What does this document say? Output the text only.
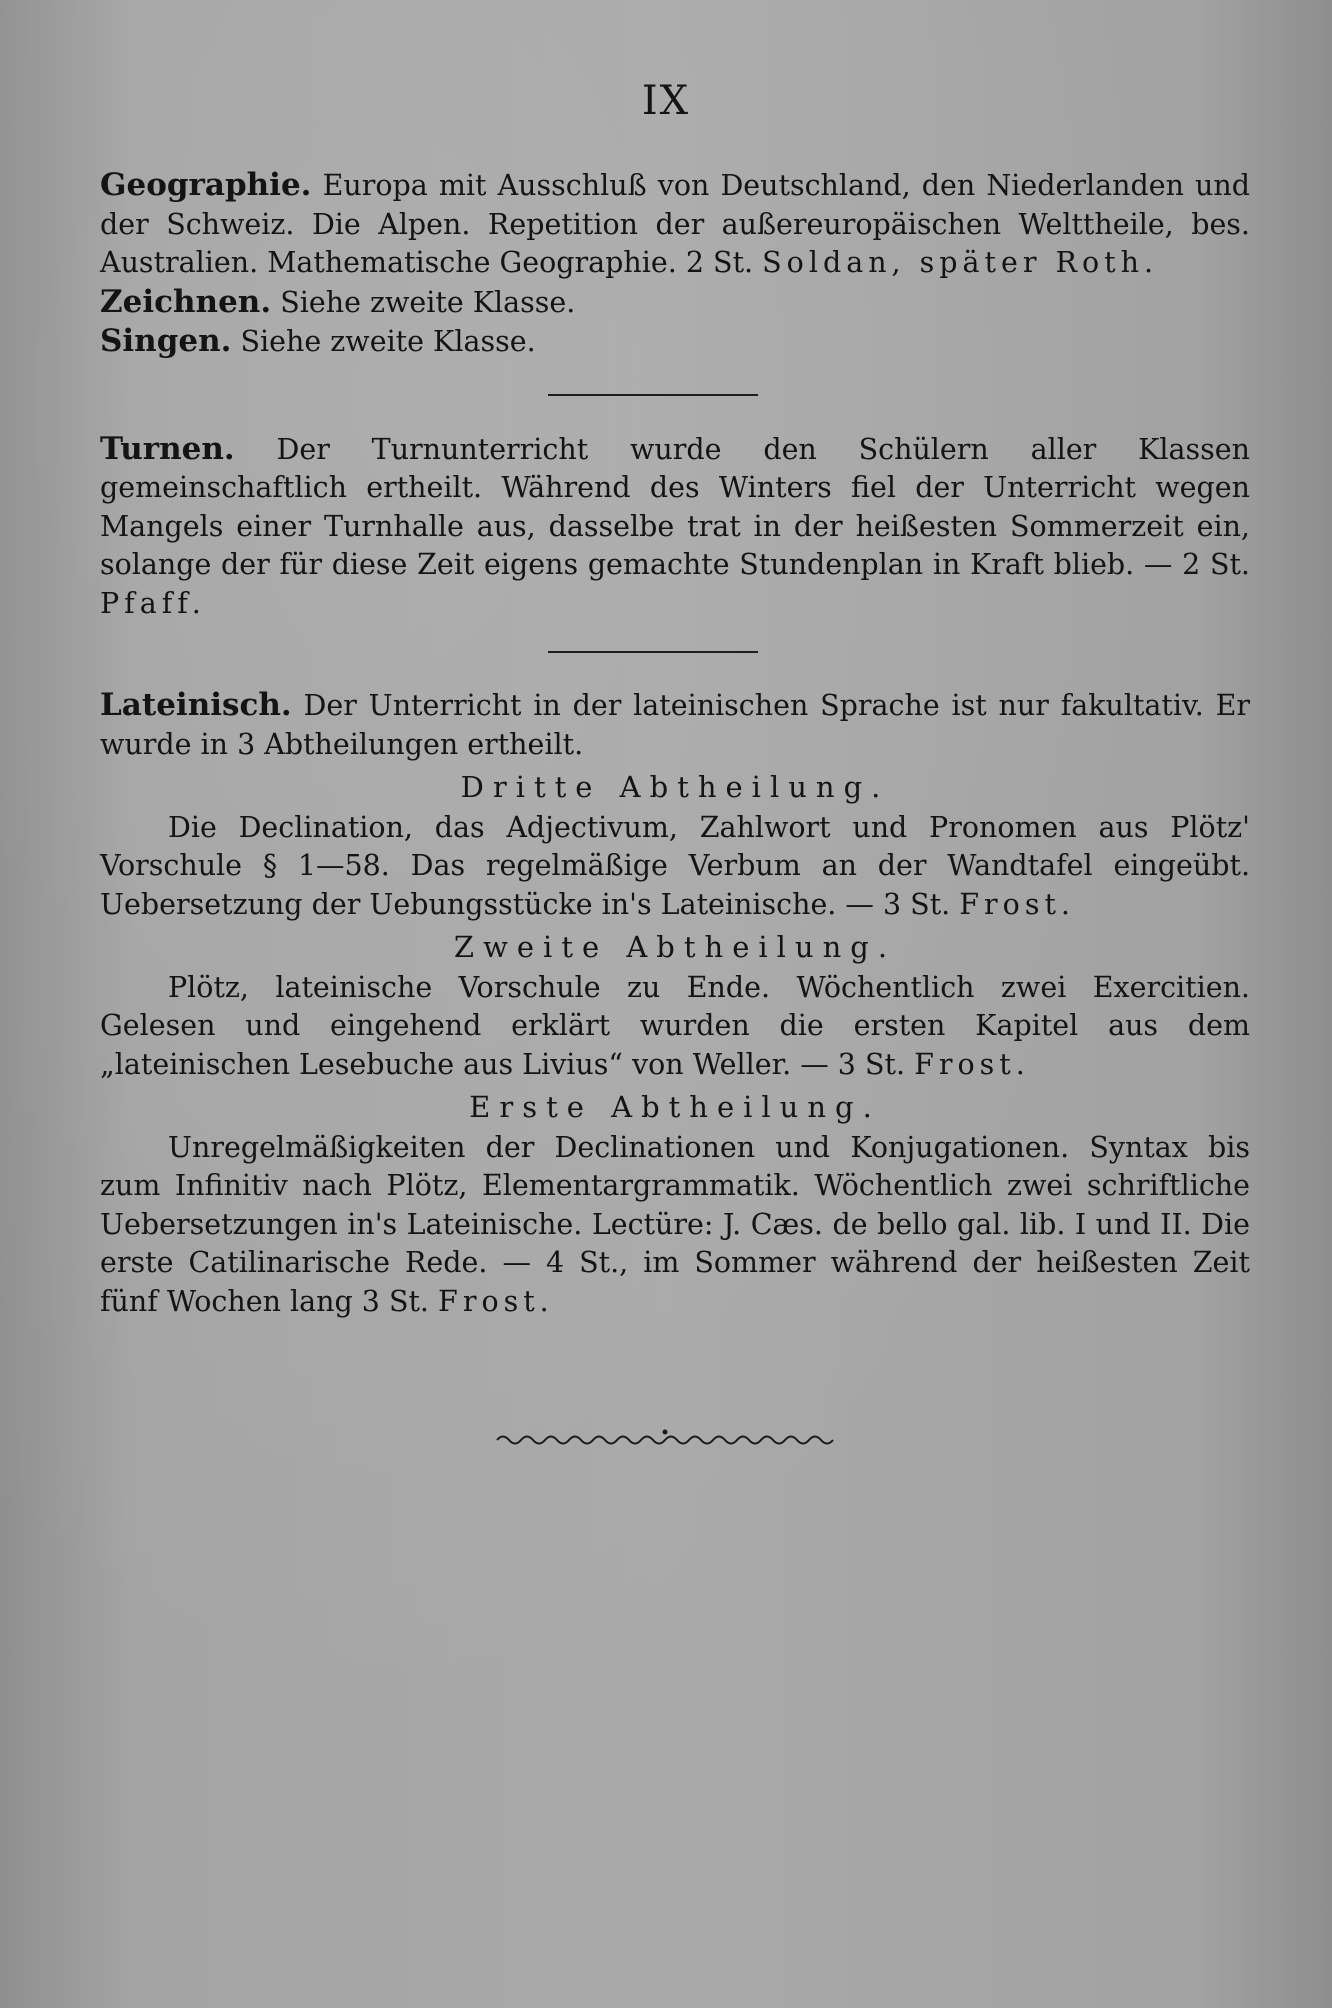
IX

Geographie. Europa mit Ausschluß von Deutschland, den Niederlanden und der Schweiz. Die Alpen. Repetition der außereuropäischen Welttheile, bes. Australien. Mathematische Geographie. 2 St. Soldan, später Roth.

Zeichnen. Siehe zweite Klasse.

Singen. Siehe zweite Klasse.

Turnen. Der Turnunterricht wurde den Schülern aller Klassen gemeinschaftlich ertheilt. Während des Winters fiel der Unterricht wegen Mangels einer Turnhalle aus, dasselbe trat in der heißesten Sommerzeit ein, solange der für diese Zeit eigens gemachte Stundenplan in Kraft blieb. — 2 St. Pfaff.

Lateinisch. Der Unterricht in der lateinischen Sprache ist nur fakultativ. Er wurde in 3 Abtheilungen ertheilt.

Dritte Abtheilung.

Die Declination, das Adjectivum, Zahlwort und Pronomen aus Plötz' Vorschule § 1—58. Das regelmäßige Verbum an der Wandtafel eingeübt. Uebersetzung der Uebungsstücke in's Lateinische. — 3 St. Frost.

Zweite Abtheilung.

Plötz, lateinische Vorschule zu Ende. Wöchentlich zwei Exercitien. Gelesen und eingehend erklärt wurden die ersten Kapitel aus dem „lateinischen Lesebuche aus Livius“ von Weller. — 3 St. Frost.

Erste Abtheilung.

Unregelmäßigkeiten der Declinationen und Konjugationen. Syntax bis zum Infinitiv nach Plötz, Elementargrammatik. Wöchentlich zwei schriftliche Uebersetzungen in's Lateinische. Lectüre: J. Cæs. de bello gal. lib. I und II. Die erste Catilinarische Rede. — 4 St., im Sommer während der heißesten Zeit fünf Wochen lang 3 St. Frost.
